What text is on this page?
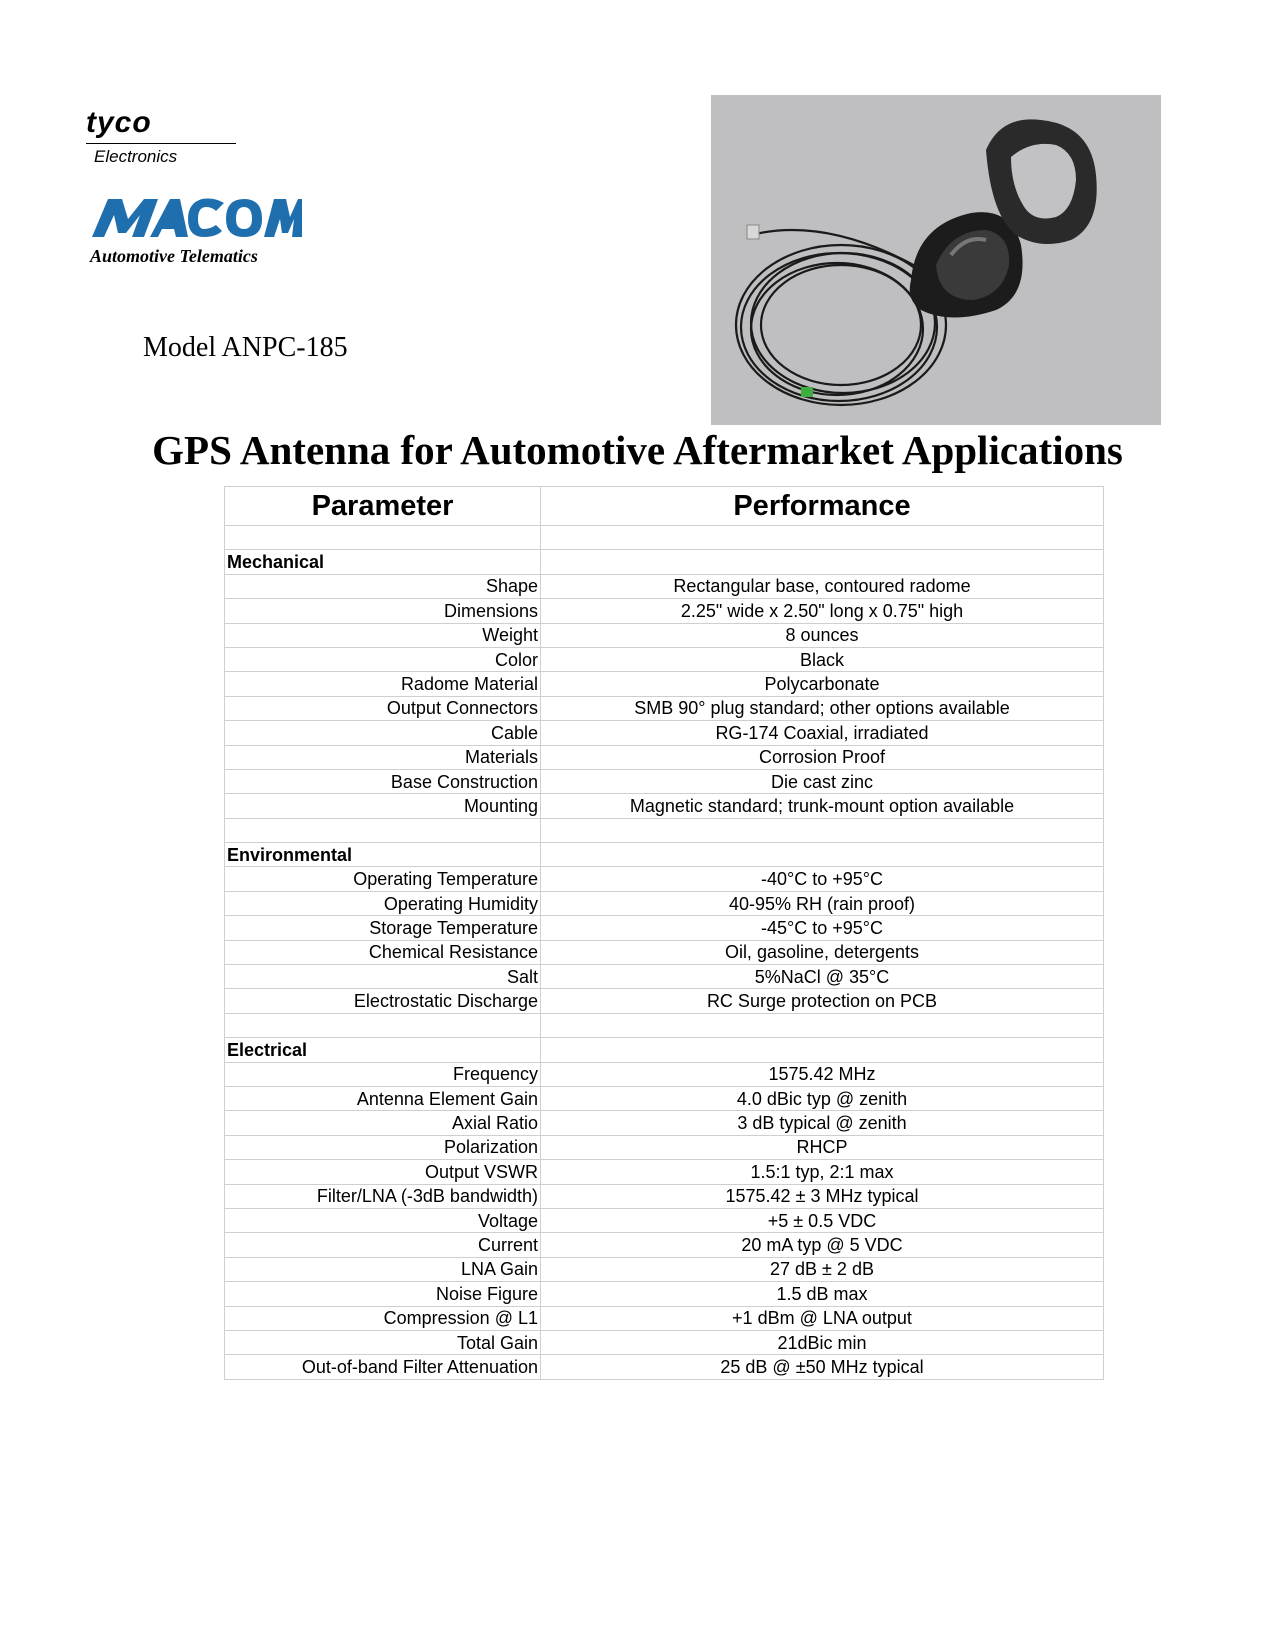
tyco
Electronics
Automotive Telematics
Model ANPC-185
GPS Antenna for Automotive Aftermarket Applications
Parameter	Performance

Mechanical	
Shape	Rectangular base, contoured radome
Dimensions	2.25" wide x 2.50" long x 0.75" high
Weight	8 ounces
Color	Black
Radome Material	Polycarbonate
Output Connectors	SMB 90° plug standard; other options available
Cable	RG-174 Coaxial, irradiated
Materials	Corrosion Proof
Base Construction	Die cast zinc
Mounting	Magnetic standard; trunk-mount option available

Environmental	
Operating Temperature	-40°C to +95°C
Operating Humidity	40-95% RH (rain proof)
Storage Temperature	-45°C to +95°C
Chemical Resistance	Oil, gasoline, detergents
Salt	5%NaCl @ 35°C
Electrostatic Discharge	RC Surge protection on PCB

Electrical	
Frequency	1575.42 MHz
Antenna Element Gain	4.0 dBic typ @ zenith
Axial Ratio	3 dB typical @ zenith
Polarization	RHCP
Output VSWR	1.5:1 typ, 2:1 max
Filter/LNA (-3dB bandwidth)	1575.42 ± 3 MHz typical
Voltage	+5 ± 0.5 VDC
Current	20 mA typ @ 5 VDC
LNA Gain	27 dB ± 2 dB
Noise Figure	1.5 dB max
Compression @ L1	+1 dBm @ LNA output
Total Gain	21dBic min
Out-of-band Filter Attenuation	25 dB @ ±50 MHz typical
